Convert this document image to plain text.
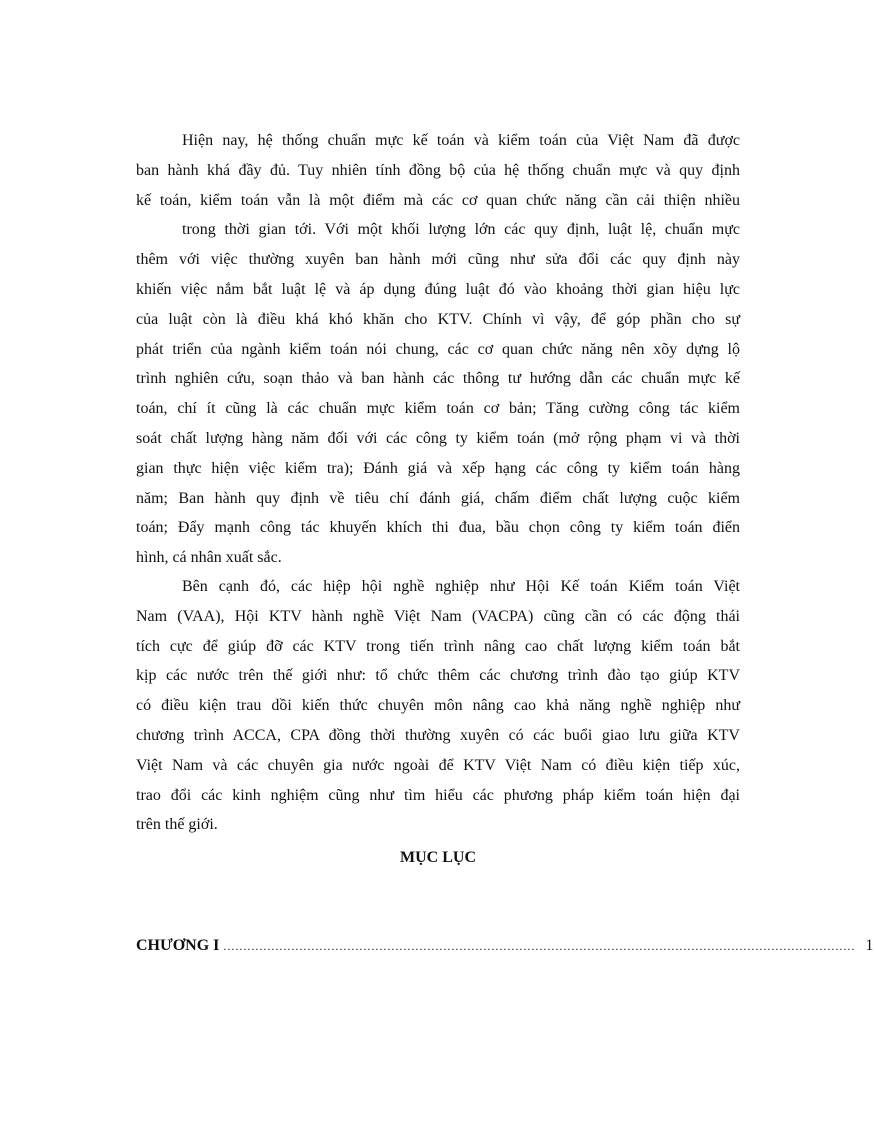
Hiện nay, hệ thống chuẩn mực kế toán và kiểm toán của Việt Nam đã được
ban hành khá đầy đủ. Tuy nhiên tính đồng bộ của hệ thống chuẩn mực và quy định
kế toán, kiểm toán vẫn là một điểm mà các cơ quan chức năng cần cải thiện nhiều
trong thời gian tới. Với một khối lượng lớn các quy định, luật lệ, chuẩn mực
thêm với việc thường xuyên ban hành mới cũng như sửa đổi các quy định này
khiến việc nắm bắt luật lệ và áp dụng đúng luật đó vào khoảng thời gian hiệu lực
của luật còn là điều khá khó khăn cho KTV. Chính vì vậy, để góp phần cho sự
phát triển của ngành kiểm toán nói chung, các cơ quan chức năng nên xõy dựng lộ
trình nghiên cứu, soạn thảo và ban hành các thông tư hướng dẫn các chuẩn mực kế
toán, chí ít cũng là các chuẩn mực kiểm toán cơ bản; Tăng cường công tác kiểm
soát chất lượng hàng năm đối với các công ty kiểm toán (mở rộng phạm vi và thời
gian thực hiện việc kiểm tra); Đánh giá và xếp hạng các công ty kiểm toán hàng
năm; Ban hành quy định về tiêu chí đánh giá, chấm điểm chất lượng cuộc kiểm
toán; Đẩy mạnh công tác khuyến khích thi đua, bầu chọn công ty kiểm toán điển
hình, cá nhân xuất sắc.
Bên cạnh đó, các hiệp hội nghề nghiệp như Hội Kế toán Kiểm toán Việt
Nam (VAA), Hội KTV hành nghề Việt Nam (VACPA) cũng cần có các động thái
tích cực để giúp đỡ các KTV trong tiến trình nâng cao chất lượng kiểm toán bắt
kịp các nước trên thế giới như: tổ chức thêm các chương trình đào tạo giúp KTV
có điều kiện trau dồi kiến thức chuyên môn nâng cao khả năng nghề nghiệp như
chương trình ACCA, CPA đồng thời thường xuyên có các buổi giao lưu giữa KTV
Việt Nam và các chuyên gia nước ngoài để KTV Việt Nam có điều kiện tiếp xúc,
trao đổi các kinh nghiệm cũng như tìm hiểu các phương pháp kiểm toán hiện đại
trên thế giới.
MỤC LỤC
CHƯƠNG I .............................................................................................................................................................. 1
